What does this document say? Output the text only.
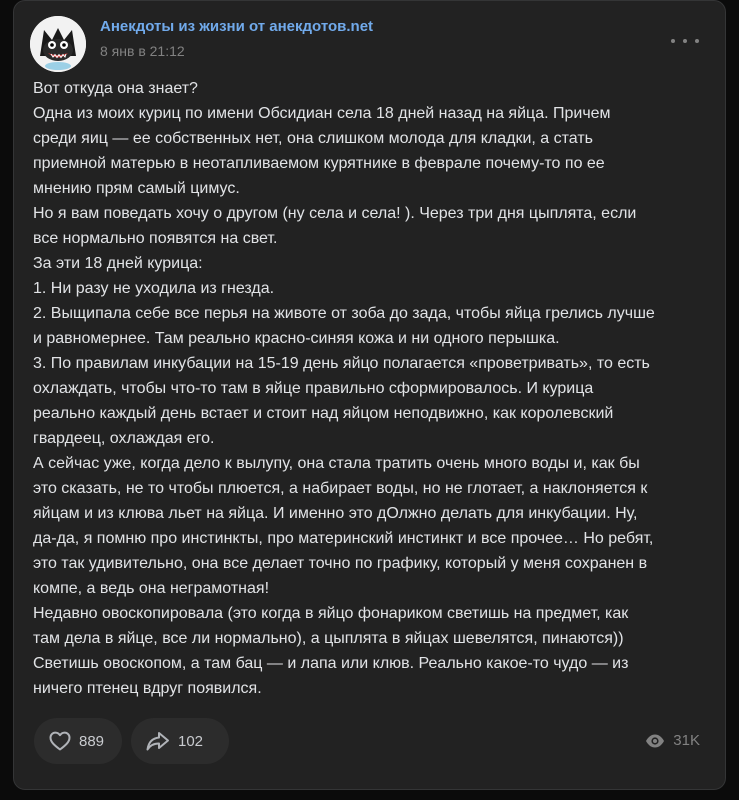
Анекдоты из жизни от анекдотов.net
8 янв в 21:12
Вот откуда она знает?
Одна из моих куриц по имени Обсидиан села 18 дней назад на яйца. Причем
среди яиц — ее собственных нет, она слишком молода для кладки, а стать
приемной матерью в неотапливаемом курятнике в феврале почему-то по ее
мнению прям самый цимус.
Но я вам поведать хочу о другом (ну села и села! ). Через три дня цыплята, если
все нормально появятся на свет.
За эти 18 дней курица:
1. Ни разу не уходила из гнезда.
2. Выщипала себе все перья на животе от зоба до зада, чтобы яйца грелись лучше
и равномернее. Там реально красно-синяя кожа и ни одного перышка.
3. По правилам инкубации на 15-19 день яйцо полагается «проветривать», то есть
охлаждать, чтобы что-то там в яйце правильно сформировалось. И курица
реально каждый день встает и стоит над яйцом неподвижно, как королевский
гвардеец, охлаждая его.
А сейчас уже, когда дело к вылупу, она стала тратить очень много воды и, как бы
это сказать, не то чтобы плюется, а набирает воды, но не глотает, а наклоняется к
яйцам и из клюва льет на яйца. И именно это дОлжно делать для инкубации. Ну,
да-да, я помню про инстинкты, про материнский инстинкт и все прочее… Но ребят,
это так удивительно, она все делает точно по графику, который у меня сохранен в
компе, а ведь она неграмотная!
Недавно овоскопировала (это когда в яйцо фонариком светишь на предмет, как
там дела в яйце, все ли нормально), а цыплята в яйцах шевелятся, пинаются))
Светишь овоскопом, а там бац — и лапа или клюв. Реально какое-то чудо — из
ничего птенец вдруг появился.
889	102	31K
